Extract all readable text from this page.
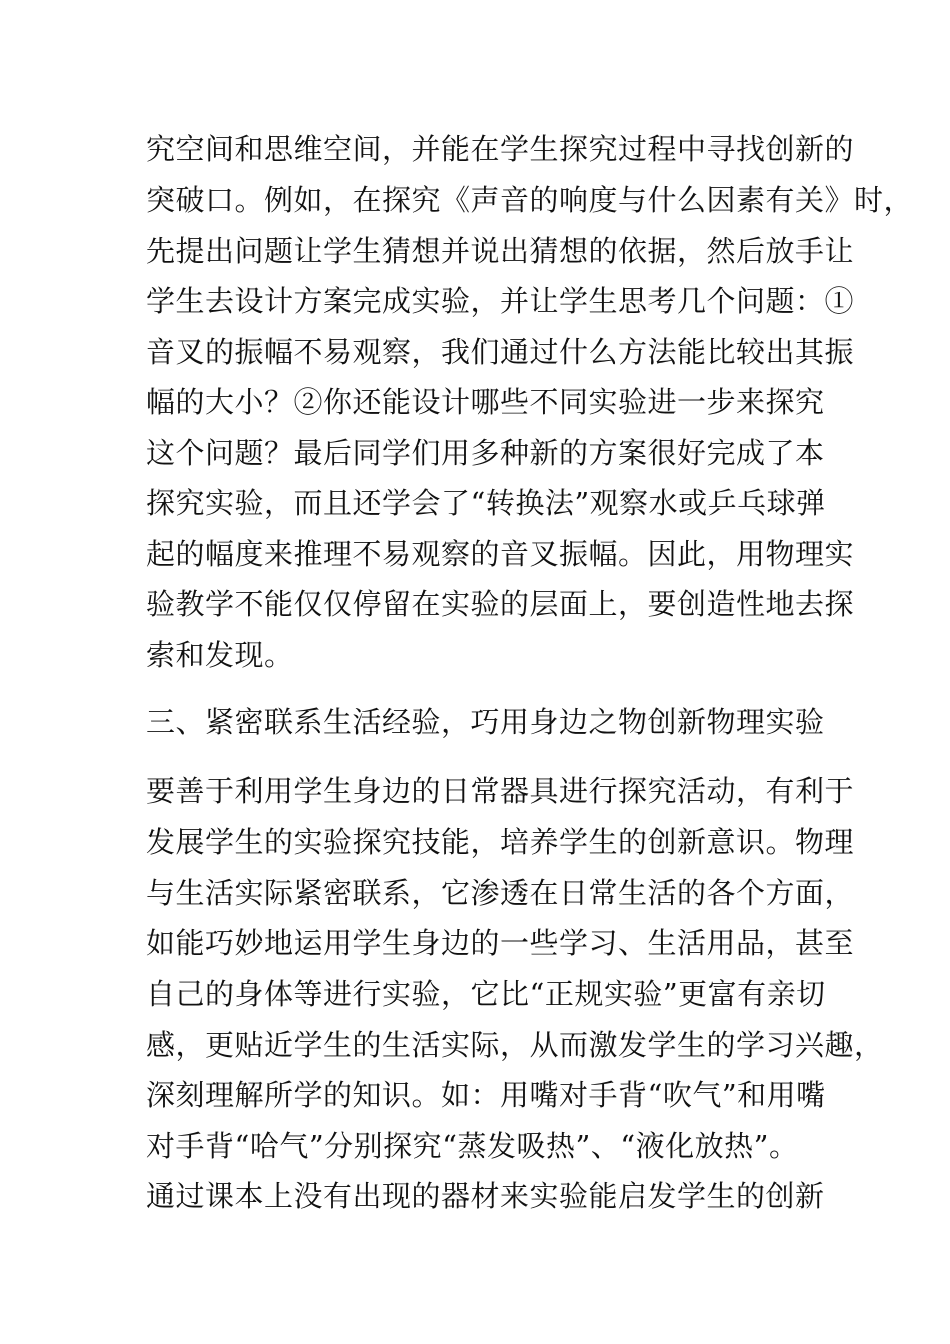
究空间和思维空间，并能在学生探究过程中寻找创新的
突破口。例如，在探究《声音的响度与什么因素有关》时，
先提出问题让学生猜想并说出猜想的依据，然后放手让
学生去设计方案完成实验，并让学生思考几个问题：①
音叉的振幅不易观察，我们通过什么方法能比较出其振
幅的大小？②你还能设计哪些不同实验进一步来探究
这个问题？最后同学们用多种新的方案很好完成了本
探究实验，而且还学会了“转换法”观察水或乒乓球弹
起的幅度来推理不易观察的音叉振幅。因此，用物理实
验教学不能仅仅停留在实验的层面上，要创造性地去探
索和发现。
三、紧密联系生活经验，巧用身边之物创新物理实验
要善于利用学生身边的日常器具进行探究活动，有利于
发展学生的实验探究技能，培养学生的创新意识。物理
与生活实际紧密联系，它渗透在日常生活的各个方面，
如能巧妙地运用学生身边的一些学习、生活用品，甚至
自己的身体等进行实验，它比“正规实验”更富有亲切
感，更贴近学生的生活实际，从而激发学生的学习兴趣，
深刻理解所学的知识。如：用嘴对手背“吹气”和用嘴
对手背“哈气”分别探究“蒸发吸热”、“液化放热”。
通过课本上没有出现的器材来实验能启发学生的创新
